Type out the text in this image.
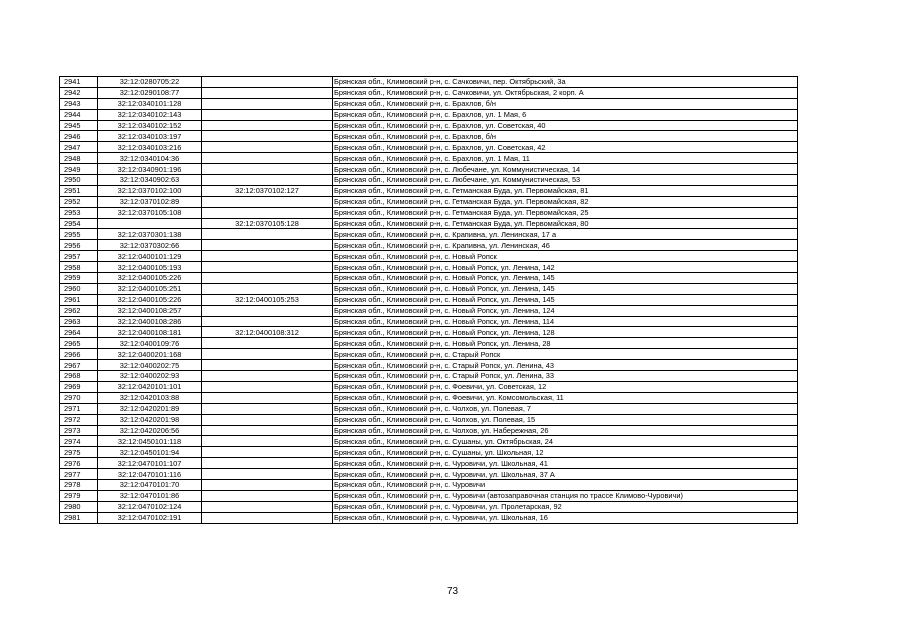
2941	32:12:0280705:22		Брянская обл., Климовский р-н, с. Сачковичи, пер. Октябрьский, 3а
2942	32:12:0290108:77		Брянская обл., Климовский р-н, с. Сачковичи, ул. Октябрьская, 2 корп. А
2943	32:12:0340101:128		Брянская обл., Климовский р-н, с. Брахлов, б/н
2944	32:12:0340102:143		Брянская обл., Климовский р-н, с. Брахлов, ул. 1 Мая, 6
2945	32:12:0340102:152		Брянская обл., Климовский р-н, с. Брахлов, ул. Советская, 40
2946	32:12:0340103:197		Брянская обл., Климовский р-н, с. Брахлов, б/н
2947	32:12:0340103:216		Брянская обл., Климовский р-н, с. Брахлов, ул. Советская, 42
2948	32:12:0340104:36		Брянская обл., Климовский р-н, с. Брахлов, ул. 1 Мая, 11
2949	32:12:0340901:196		Брянская обл., Климовский р-н, с. Любечане, ул. Коммунистическая, 14
2950	32:12:0340902:63		Брянская обл., Климовский р-н, с. Любечане, ул. Коммунистическая, 53
2951	32:12:0370102:100	32:12:0370102:127	Брянская обл., Климовский р-н, с. Гетманская Буда, ул. Первомайская, 81
2952	32:12:0370102:89		Брянская обл., Климовский р-н, с. Гетманская Буда, ул. Первомайская, 82
2953	32:12:0370105:108		Брянская обл., Климовский р-н, с. Гетманская Буда, ул. Первомайская, 25
2954		32:12:0370105:128	Брянская обл., Климовский р-н, с. Гетманская Буда, ул. Первомайская, 80
2955	32:12:0370301:138		Брянская обл., Климовский р-н, с. Крапивна, ул. Ленинская, 17 а
2956	32:12:0370302:66		Брянская обл., Климовский р-н, с. Крапивна, ул. Ленинская, 46
2957	32:12:0400101:129		Брянская обл., Климовский р-н, с. Новый Ропск
2958	32:12:0400105:193		Брянская обл., Климовский р-н, с. Новый Ропск, ул. Ленина, 142
2959	32:12:0400105:226		Брянская обл., Климовский р-н, с. Новый Ропск, ул. Ленина, 145
2960	32:12:0400105:251		Брянская обл., Климовский р-н, с. Новый Ропск, ул. Ленина, 145
2961	32:12:0400105:226	32:12:0400105:253	Брянская обл., Климовский р-н, с. Новый Ропск, ул. Ленина, 145
2962	32:12:0400108:257		Брянская обл., Климовский р-н, с. Новый Ропск, ул. Ленина, 124
2963	32:12:0400108:286		Брянская обл., Климовский р-н, с. Новый Ропск, ул. Ленина, 114
2964	32:12:0400108:181	32:12:0400108:312	Брянская обл., Климовский р-н, с. Новый Ропск, ул. Ленина, 128
2965	32:12:0400109:76		Брянская обл., Климовский р-н, с. Новый Ропск, ул. Ленина, 28
2966	32:12:0400201:168		Брянская обл., Климовский р-н, с. Старый Ропск
2967	32:12:0400202:75		Брянская обл., Климовский р-н, с. Старый Ропск, ул. Ленина, 43
2968	32:12:0400202:93		Брянская обл., Климовский р-н, с. Старый Ропск, ул. Ленина, 33
2969	32:12:0420101:101		Брянская обл., Климовский р-н, с. Фоевичи, ул. Советская, 12
2970	32:12:0420103:88		Брянская обл., Климовский р-н, с. Фоевичи, ул. Комсомольская, 11
2971	32:12:0420201:89		Брянская обл., Климовский р-н, с. Чолхов, ул. Полевая, 7
2972	32:12:0420201:98		Брянская обл., Климовский р-н, с. Чолхов, ул. Полевая, 15
2973	32:12:0420206:56		Брянская обл., Климовский р-н, с. Чолхов, ул. Набережная, 26
2974	32:12:0450101:118		Брянская обл., Климовский р-н, с. Сушаны, ул. Октябрьская, 24
2975	32:12:0450101:94		Брянская обл., Климовский р-н, с. Сушаны, ул. Школьная, 12
2976	32:12:0470101:107		Брянская обл., Климовский р-н, с. Чуровичи, ул. Школьная, 41
2977	32:12:0470101:116		Брянская обл., Климовский р-н, с. Чуровичи, ул. Школьная, 37 А
2978	32:12:0470101:70		Брянская обл., Климовский р-н, с. Чуровичи
2979	32:12:0470101:86		Брянская обл., Климовский р-н, с. Чуровичи (автозаправочная станция по трассе Климово-Чуровичи)
2980	32:12:0470102:124		Брянская обл., Климовский р-н, с. Чуровичи, ул. Пролетарская, 92
2981	32:12:0470102:191		Брянская обл., Климовский р-н, с. Чуровичи, ул. Школьная, 16
73
